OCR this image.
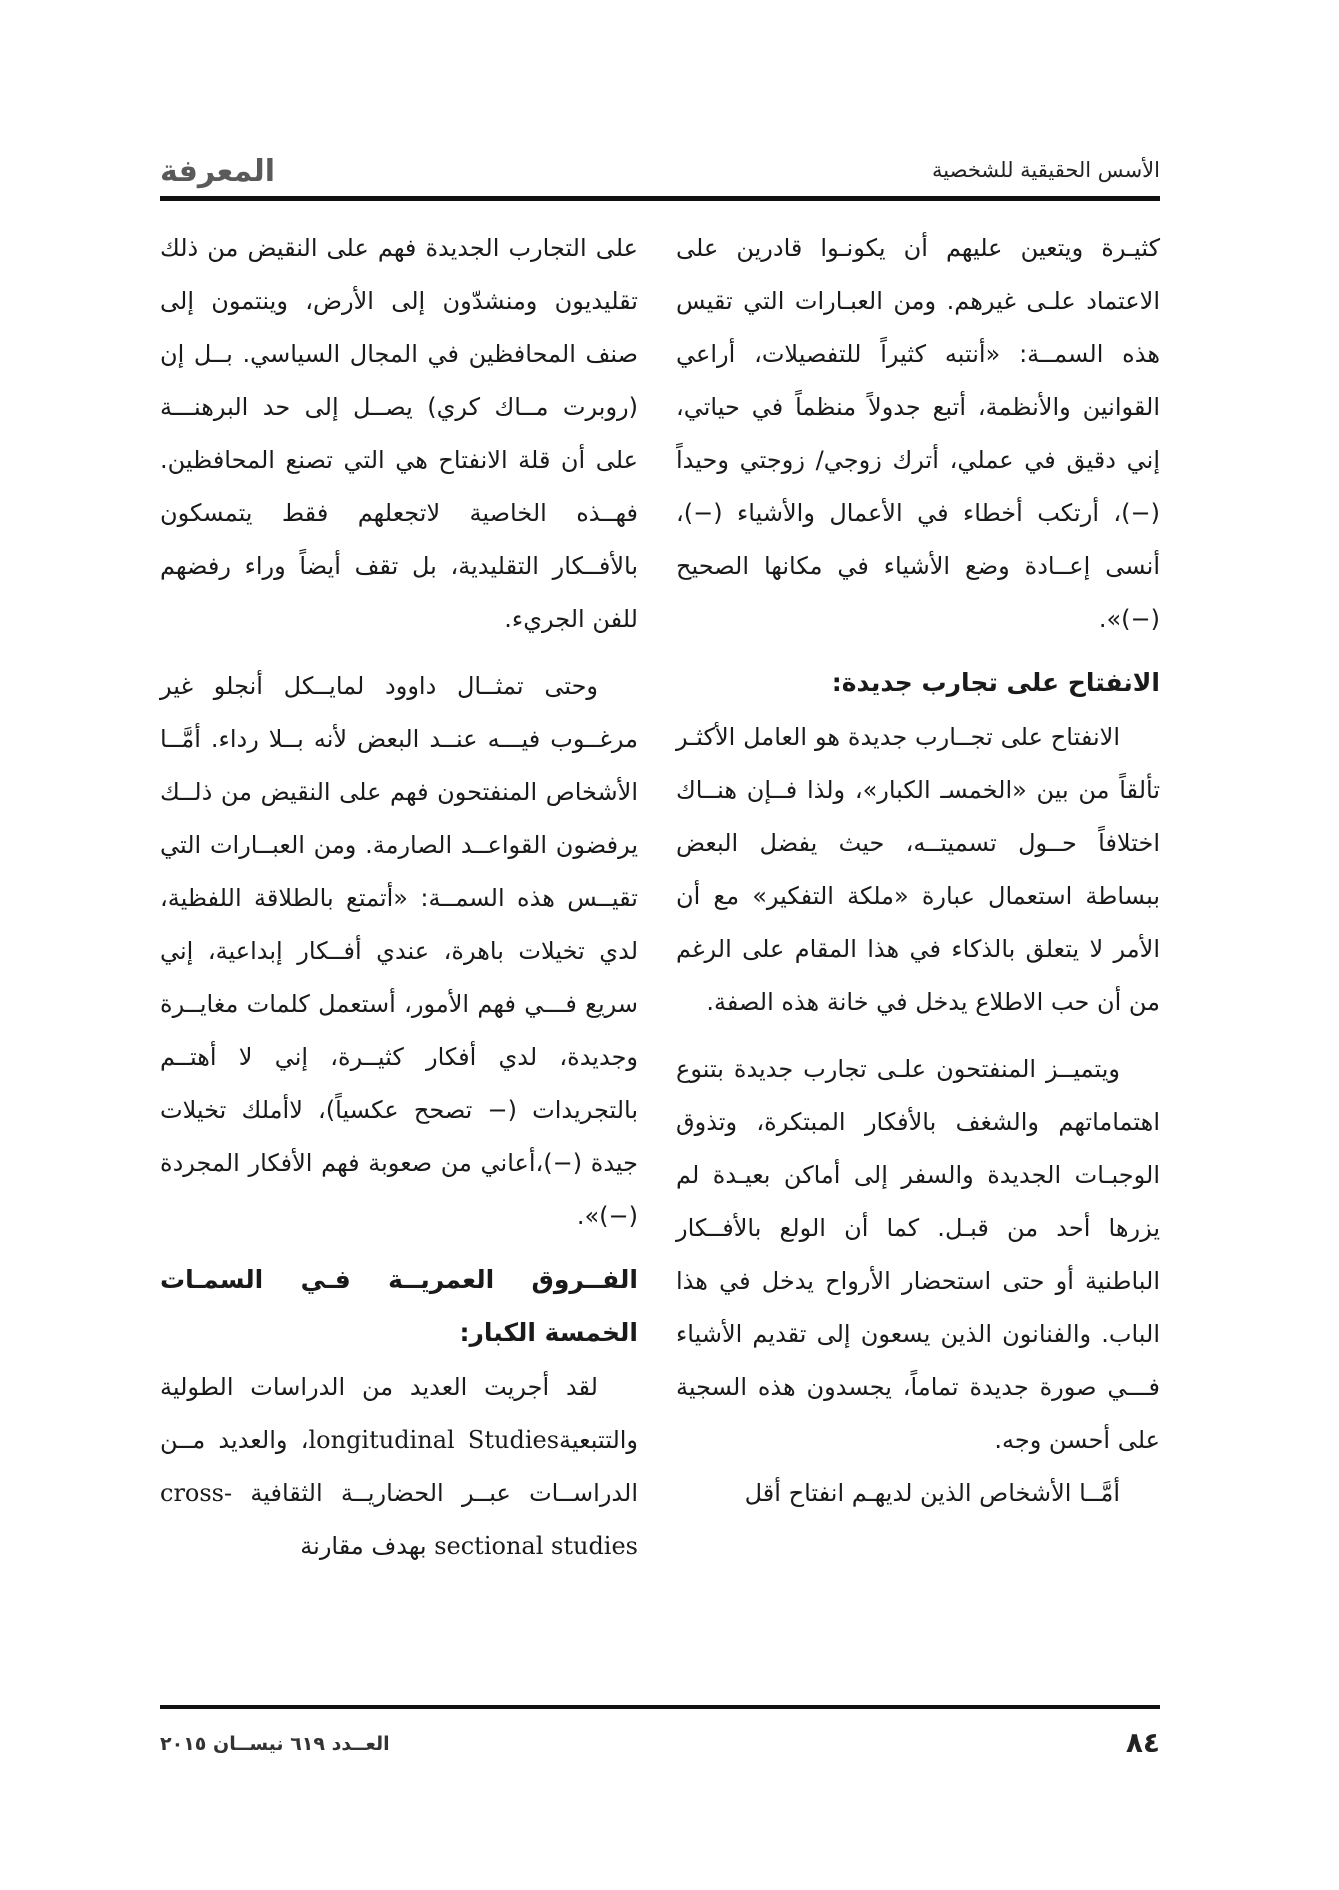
المعرفة	الأسس الحقيقية للشخصية

كثيـرة ويتعين عليهم أن يكونـوا قادرين على الاعتماد علـى غيرهم. ومن العبـارات التي تقيس هذه السمــة: «أنتبه كثيراً للتفصيلات، أراعي القوانين والأنظمة، أتبع جدولاً منظماً في حياتي، إني دقيق في عملي، أترك زوجي/ زوجتي وحيداً (−)، أرتكب أخطاء في الأعمال والأشياء (−)، أنسى إعــادة وضع الأشياء في مكانها الصحيح (−)».

الانفتاح على تجارب جديدة:

الانفتاح على تجــارب جديدة هو العامل الأكثـر تألقاً من بين «الخمسـ الكبار»، ولذا فــإن هنــاك اختلافاً حــول تسميتــه، حيث يفضل البعض ببساطة استعمال عبارة «ملكة التفكير» مع أن الأمر لا يتعلق بالذكاء في هذا المقام على الرغم من أن حب الاطلاع يدخل في خانة هذه الصفة.

ويتميــز المنفتحون علـى تجارب جديدة بتنوع اهتماماتهم والشغف بالأفكار المبتكرة، وتذوق الوجبـات الجديدة والسفر إلى أماكن بعيـدة لم يزرها أحد من قبـل. كما أن الولع بالأفــكار الباطنية أو حتى استحضار الأرواح يدخل في هذا الباب. والفنانون الذين يسعون إلى تقديم الأشياء فـــي صورة جديدة تماماً، يجسدون هذه السجية على أحسن وجه.

أمَّــا الأشخاص الذين لديهـم انفتاح أقل

على التجارب الجديدة فهم على النقيض من ذلك تقليديون ومنشدّون إلى الأرض، وينتمون إلى صنف المحافظين في المجال السياسي. بــل إن (روبرت مــاك كري) يصــل إلى حد البرهنـــة على أن قلة الانفتاح هي التي تصنع المحافظين. فهــذه الخاصية لاتجعلهم فقط يتمسكون بالأفــكار التقليدية، بل تقف أيضاً وراء رفضهم للفن الجريء.

وحتى تمثــال داوود لمايــكل أنجلو غير مرغــوب فيـــه عنــد البعض لأنه بــلا رداء. أمَّــا الأشخاص المنفتحون فهم على النقيض من ذلــك يرفضون القواعــد الصارمة. ومن العبــارات التي تقيــس هذه السمــة: «أتمتع بالطلاقة اللفظية، لدي تخيلات باهرة، عندي أفــكار إبداعية، إني سريع فـــي فهم الأمور، أستعمل كلمات مغايــرة وجديدة، لدي أفكار كثيــرة، إني لا أهتــم بالتجريدات (− تصحح عكسياً)، لاأملك تخيلات جيدة (−)،أعاني من صعوبة فهم الأفكار المجردة (−)».

الفــروق العمريــة فـي السمـات الخمسة الكبار:

لقد أجريت العديد من الدراسات الطولية والتتبعيةlongitudinal Studies، والعديد مــن الدراســات عبــر الحضاريــة الثقافية cross-sectional studies بهدف مقارنة

العــدد ٦١٩ نيســان ٢٠١٥	٨٤
